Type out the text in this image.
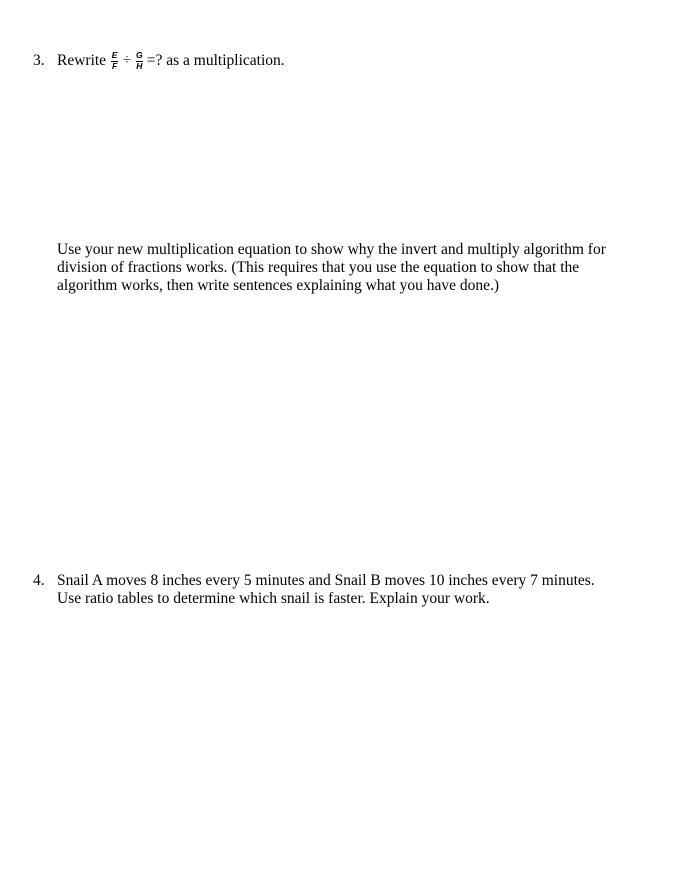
3. Rewrite $\frac{E}{F} \div \frac{G}{H}$ =? as a multiplication.
Use your new multiplication equation to show why the invert and multiply algorithm for
division of fractions works. (This requires that you use the equation to show that the
algorithm works, then write sentences explaining what you have done.)
4. Snail A moves 8 inches every 5 minutes and Snail B moves 10 inches every 7 minutes.
Use ratio tables to determine which snail is faster. Explain your work.
